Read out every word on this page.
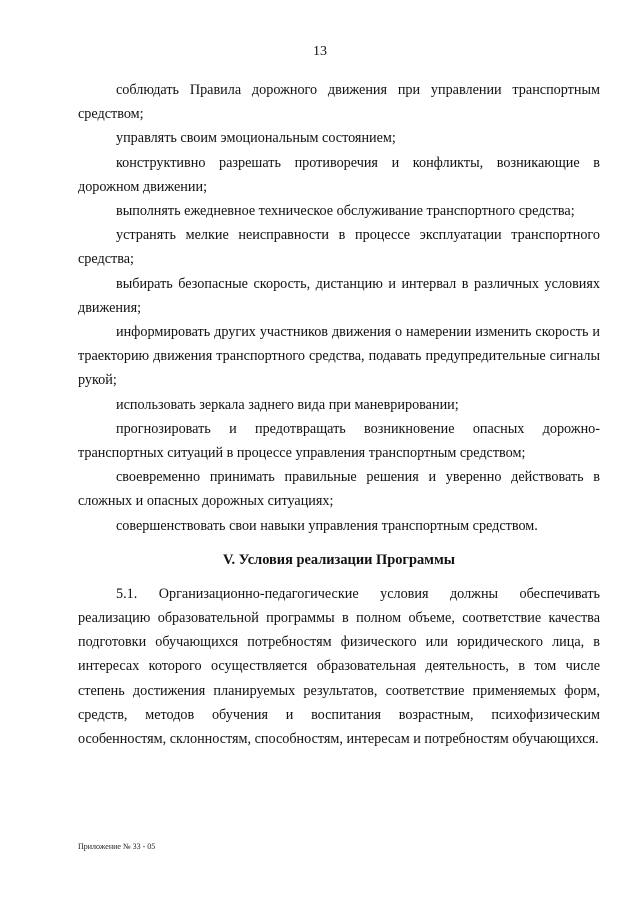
13

соблюдать Правила дорожного движения при управлении транспортным средством;

управлять своим эмоциональным состоянием;

конструктивно разрешать противоречия и конфликты, возникающие в дорожном движении;

выполнять ежедневное техническое обслуживание транспортного средства;

устранять мелкие неисправности в процессе эксплуатации транспортного средства;

выбирать безопасные скорость, дистанцию и интервал в различных условиях движения;

информировать других участников движения о намерении изменить скорость и траекторию движения транспортного средства, подавать предупредительные сигналы рукой;

использовать зеркала заднего вида при маневрировании;

прогнозировать и предотвращать возникновение опасных дорожно-транспортных ситуаций в процессе управления транспортным средством;

своевременно принимать правильные решения и уверенно действовать в сложных и опасных дорожных ситуациях;

совершенствовать свои навыки управления транспортным средством.

V. Условия реализации Программы

5.1. Организационно-педагогические условия должны обеспечивать реализацию образовательной программы в полном объеме, соответствие качества подготовки обучающихся потребностям физического или юридического лица, в интересах которого осуществляется образовательная деятельность, в том числе степень достижения планируемых результатов, соответствие применяемых форм, средств, методов обучения и воспитания возрастным, психофизическим особенностям, склонностям, способностям, интересам и потребностям обучающихся.

Приложение № 33 - 05
